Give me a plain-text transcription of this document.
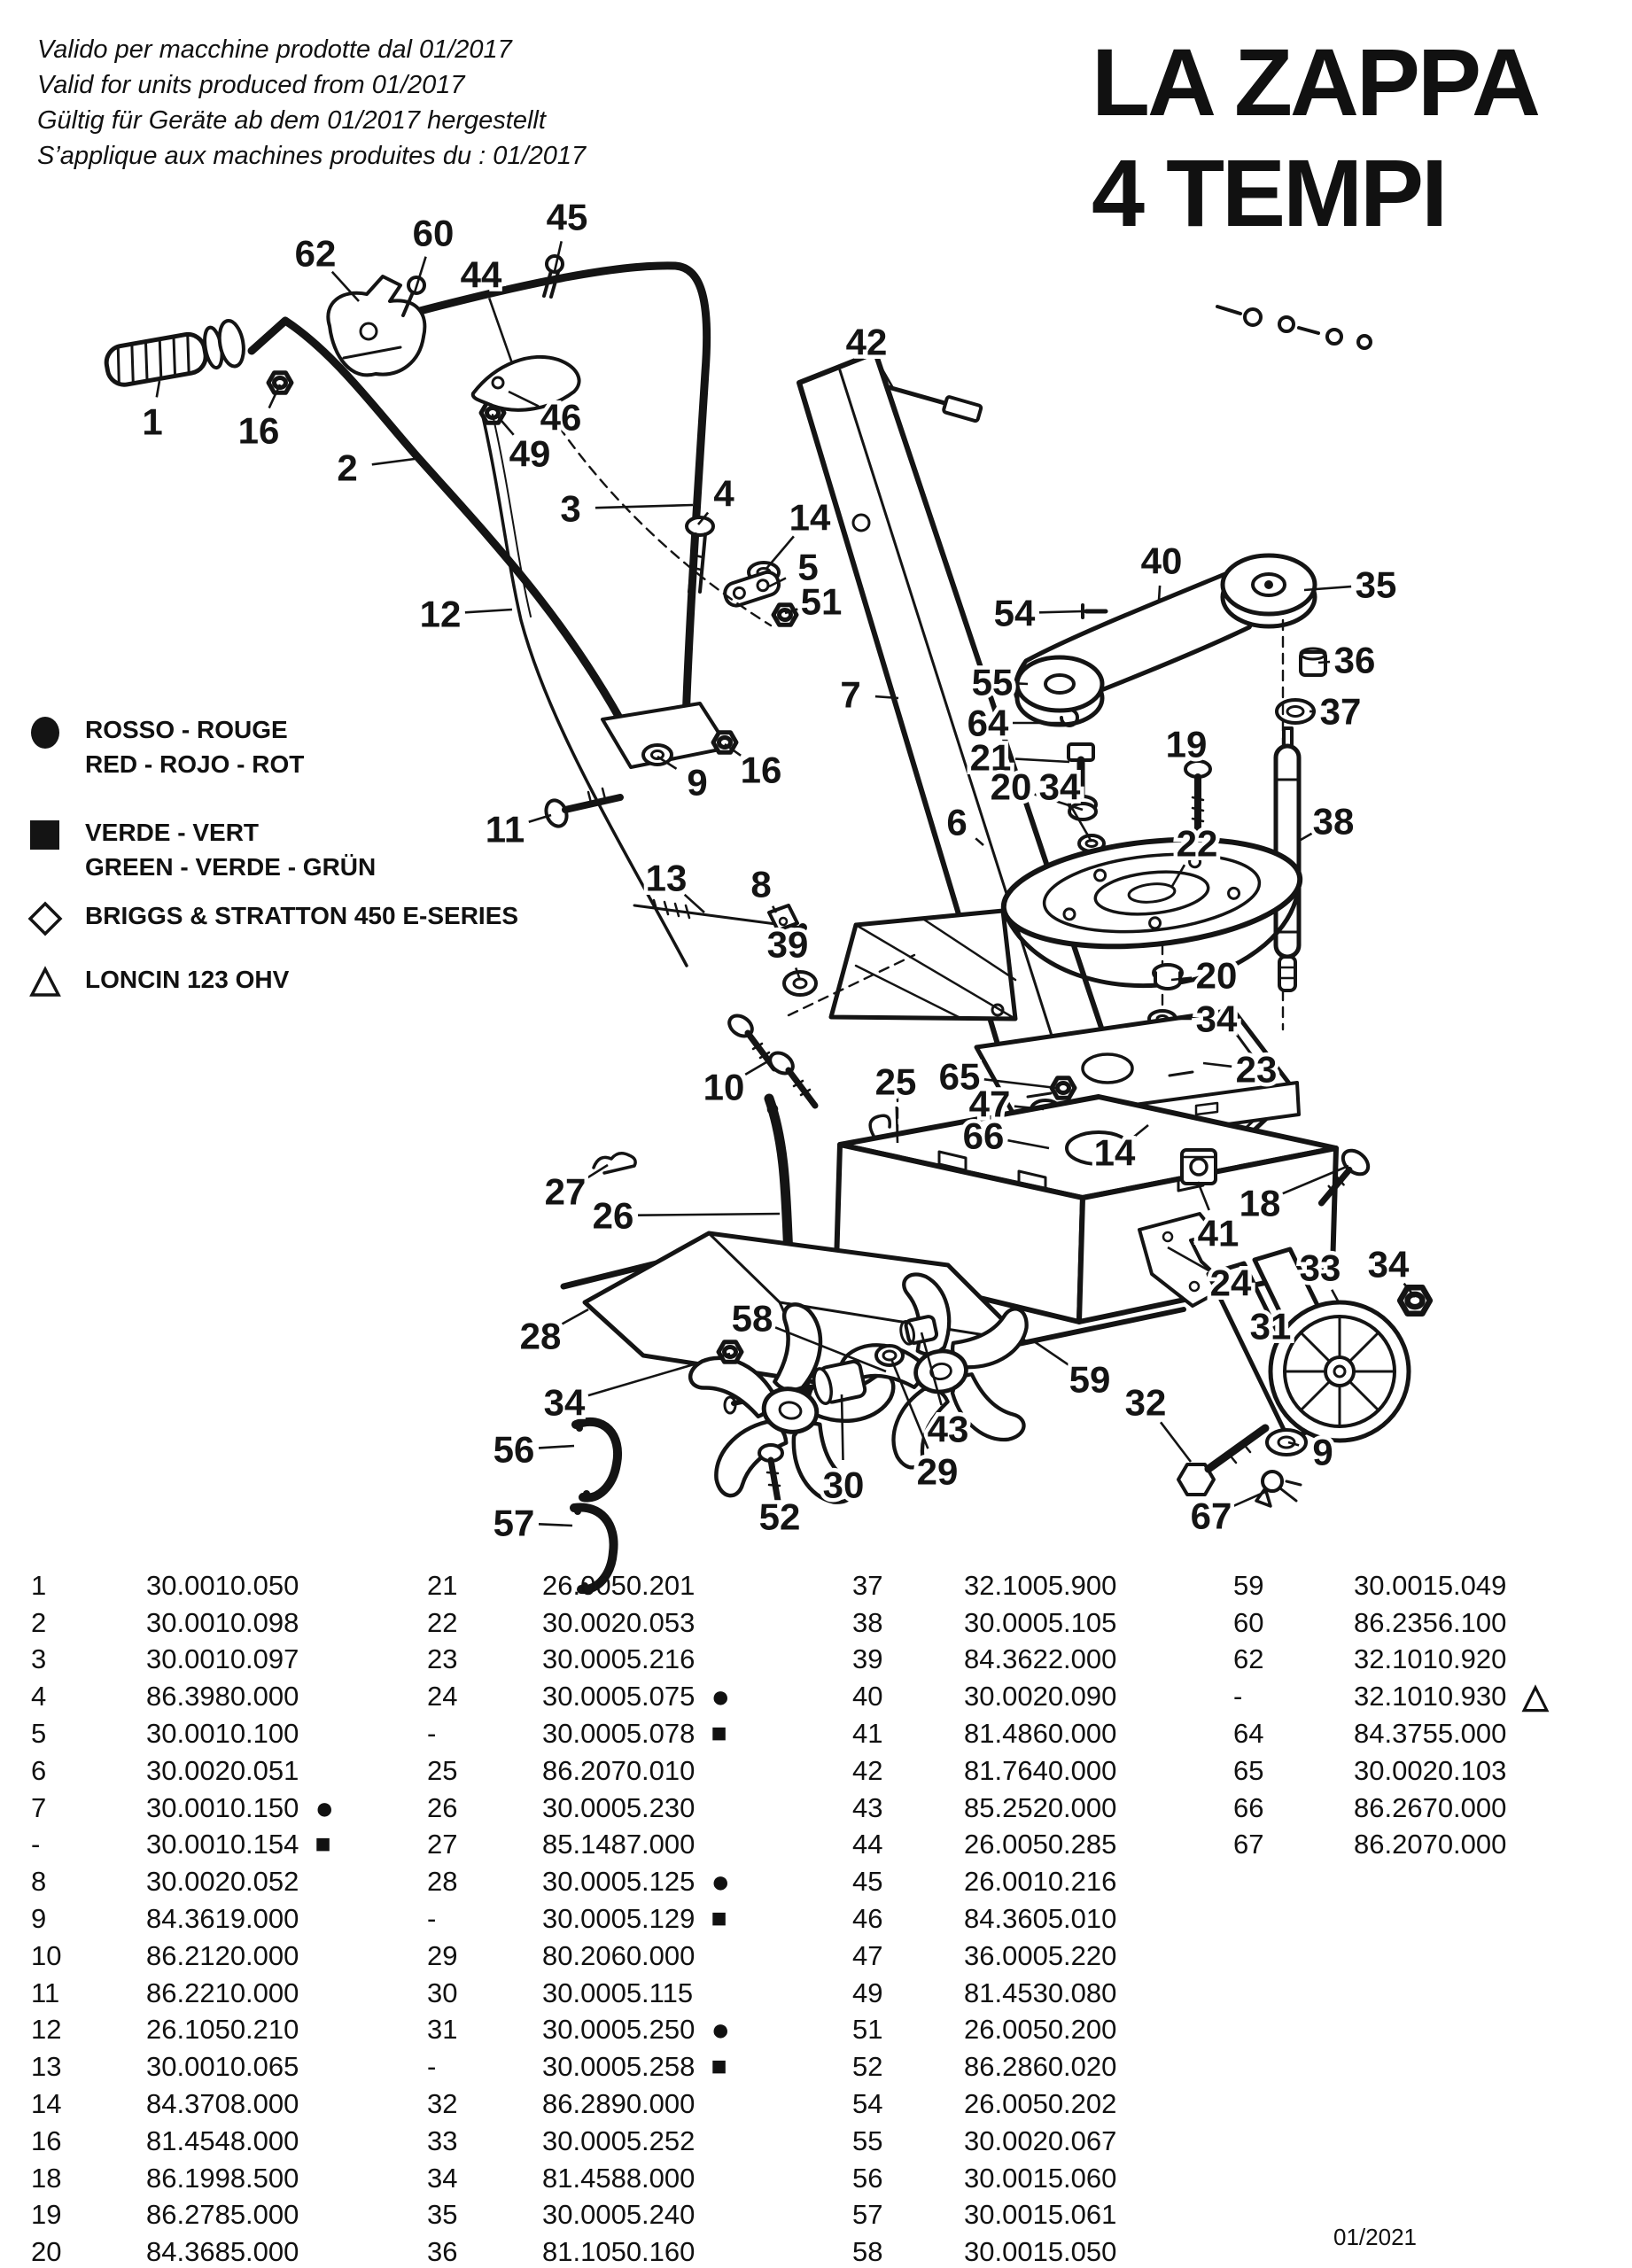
Valido per macchine prodotte dal 01/2017
Valid for units produced from 01/2017
Gültig für Geräte ab dem 01/2017 hergestellt
S’applique aux machines produites du : 01/2017
LA ZAPPA
4 TEMPI
ROSSO - ROUGE
RED - ROJO - ROT
VERDE - VERT
GREEN - VERDE - GRÜN
BRIGGS & STRATTON 450 E-SERIES
LONCIN 123 OHV
45
60
62
44
42
1 16	46
49
2
3	4
14
5
51
12
40
35
54
36
55
37
64
7
21	19
16
9	20 34
38
11	6
22
13 8
39
20
34
23
10	25 65
47
66 14
18
41
27
26
24 33 34
28	58	31
59
34	32
56	43
29
30
9
52
57	67
1	30.0010.050
2	30.0010.098
3	30.0010.097
4	86.3980.000
5	30.0010.100
6	30.0020.051
7	30.0010.150 ●
-	30.0010.154 ■
8	30.0020.052
9	84.3619.000
10	86.2120.000
11	86.2210.000
12	26.1050.210
13	30.0010.065
14	84.3708.000
16	81.4548.000
18	86.1998.500
19	86.2785.000
20	84.3685.000
21	26.0050.201
22	30.0020.053
23	30.0005.216
24	30.0005.075 ●
-	30.0005.078 ■
25	86.2070.010
26	30.0005.230
27	85.1487.000
28	30.0005.125 ●
-	30.0005.129 ■
29	80.2060.000
30	30.0005.115
31	30.0005.250 ●
-	30.0005.258 ■
32	86.2890.000
33	30.0005.252
34	81.4588.000
35	30.0005.240
36	81.1050.160
37	32.1005.900
38	30.0005.105
39	84.3622.000
40	30.0020.090
41	81.4860.000
42	81.7640.000
43	85.2520.000
44	26.0050.285
45	26.0010.216
46	84.3605.010
47	36.0005.220
49	81.4530.080
51	26.0050.200
52	86.2860.020
54	26.0050.202
55	30.0020.067
56	30.0015.060
57	30.0015.061
58	30.0015.050
59	30.0015.049
60	86.2356.100
62	32.1010.920
-	32.1010.930 △
64	84.3755.000
65	30.0020.103
66	86.2670.000
67	86.2070.000
01/2021
